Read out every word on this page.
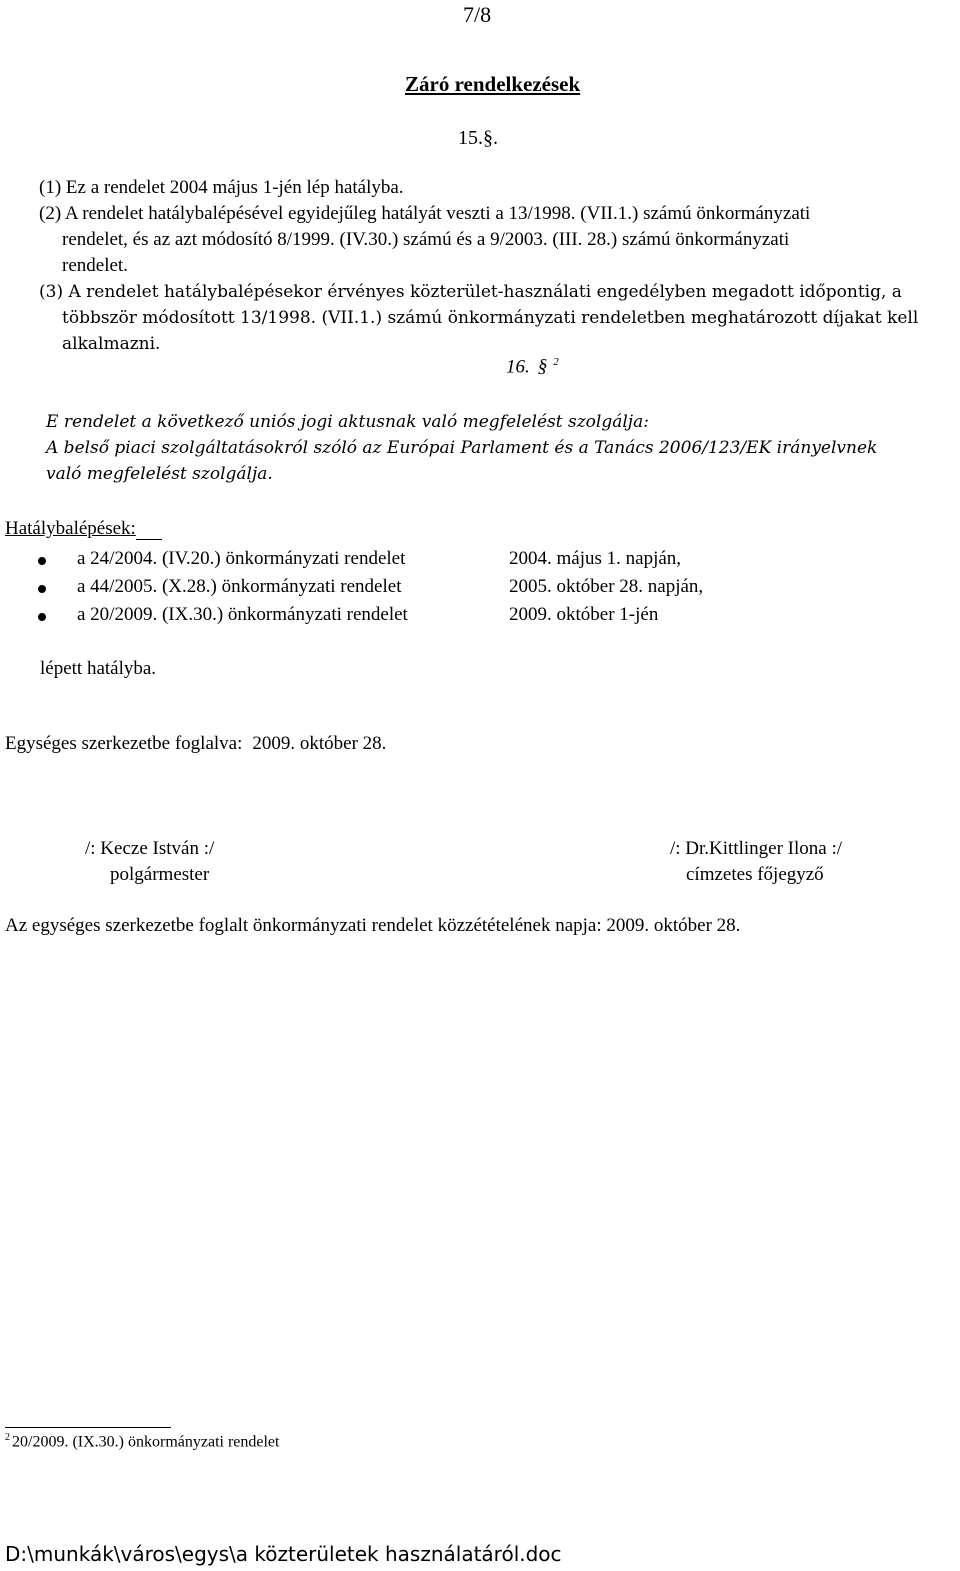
7/8
Záró rendelkezések
15.§.
(1) Ez a rendelet 2004 május 1-jén lép hatályba.
(2) A rendelet hatálybalépésével egyidejűleg hatályát veszti a 13/1998. (VII.1.) számú önkormányzati
rendelet, és az azt módosító 8/1999. (IV.30.) számú és a 9/2003. (III. 28.) számú önkormányzati
rendelet.
(3) A rendelet hatálybalépésekor érvényes közterület-használati engedélyben megadott időpontig, a
többször módosított 13/1998. (VII.1.) számú önkormányzati rendeletben meghatározott díjakat kell
alkalmazni.
16. § $^2$
E rendelet a következő uniós jogi aktusnak való megfelelést szolgálja:
A belső piaci szolgáltatásokról szóló az Európai Parlament és a Tanács 2006/123/EK irányelvnek
való megfelelést szolgálja.
Hatálybalépések:
a 24/2004. (IV.20.) önkormányzati rendelet	2004. május 1. napján,
a 44/2005. (X.28.) önkormányzati rendelet	2005. október 28. napján,
a 20/2009. (IX.30.) önkormányzati rendelet	2009. október 1-jén
lépett hatályba.
Egységes szerkezetbe foglalva: 2009. október 28.
/: Kecze István :/
polgármester
/: Dr.Kittlinger Ilona :/
címzetes főjegyző
Az egységes szerkezetbe foglalt önkormányzati rendelet közzétételének napja: 2009. október 28.
$^2$ 20/2009. (IX.30.) önkormányzati rendelet
D:\munkák\város\egys\a közterületek használatáról.doc
